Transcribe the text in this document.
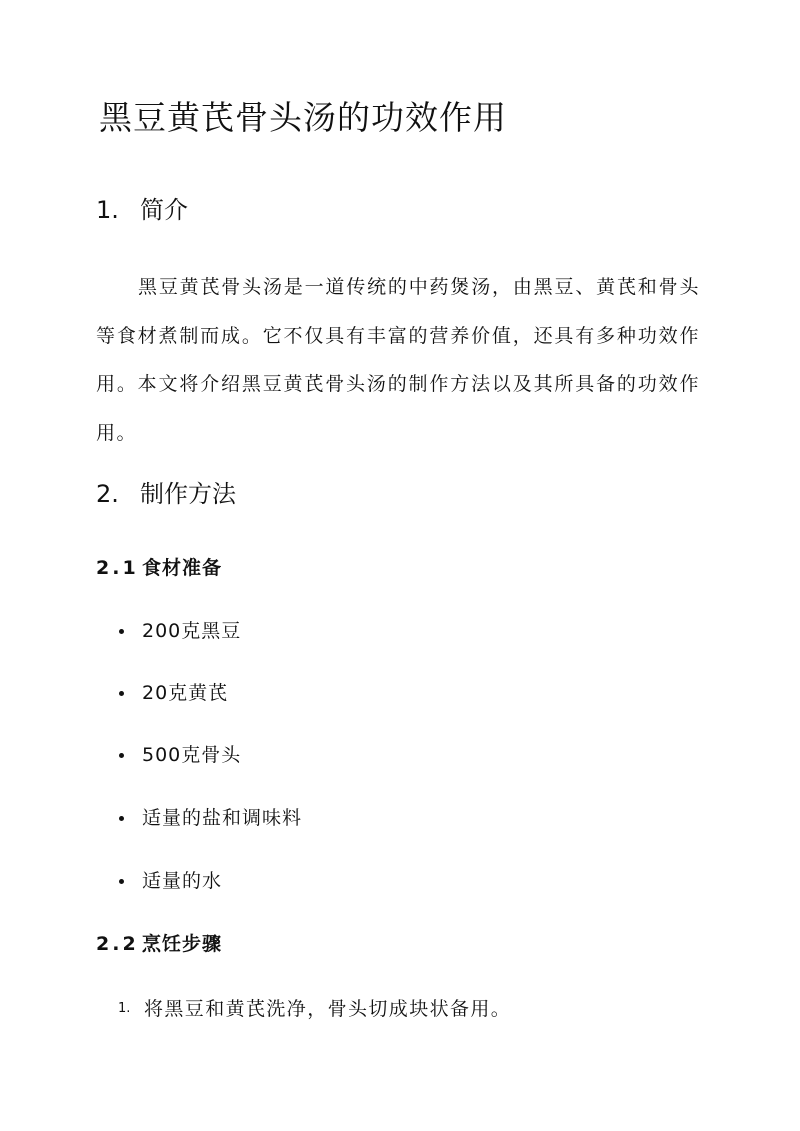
黑豆黄芪骨头汤的功效作用
1. 简介

黑豆黄芪骨头汤是一道传统的中药煲汤，由黑豆、黄芪和骨头等食材煮制而成。它不仅具有丰富的营养价值，还具有多种功效作用。本文将介绍黑豆黄芪骨头汤的制作方法以及其所具备的功效作用。

2. 制作方法
2.1 食材准备
200克黑豆
20克黄芪
500克骨头
适量的盐和调味料
适量的水
2.2 烹饪步骤
1. 将黑豆和黄芪洗净，骨头切成块状备用。
